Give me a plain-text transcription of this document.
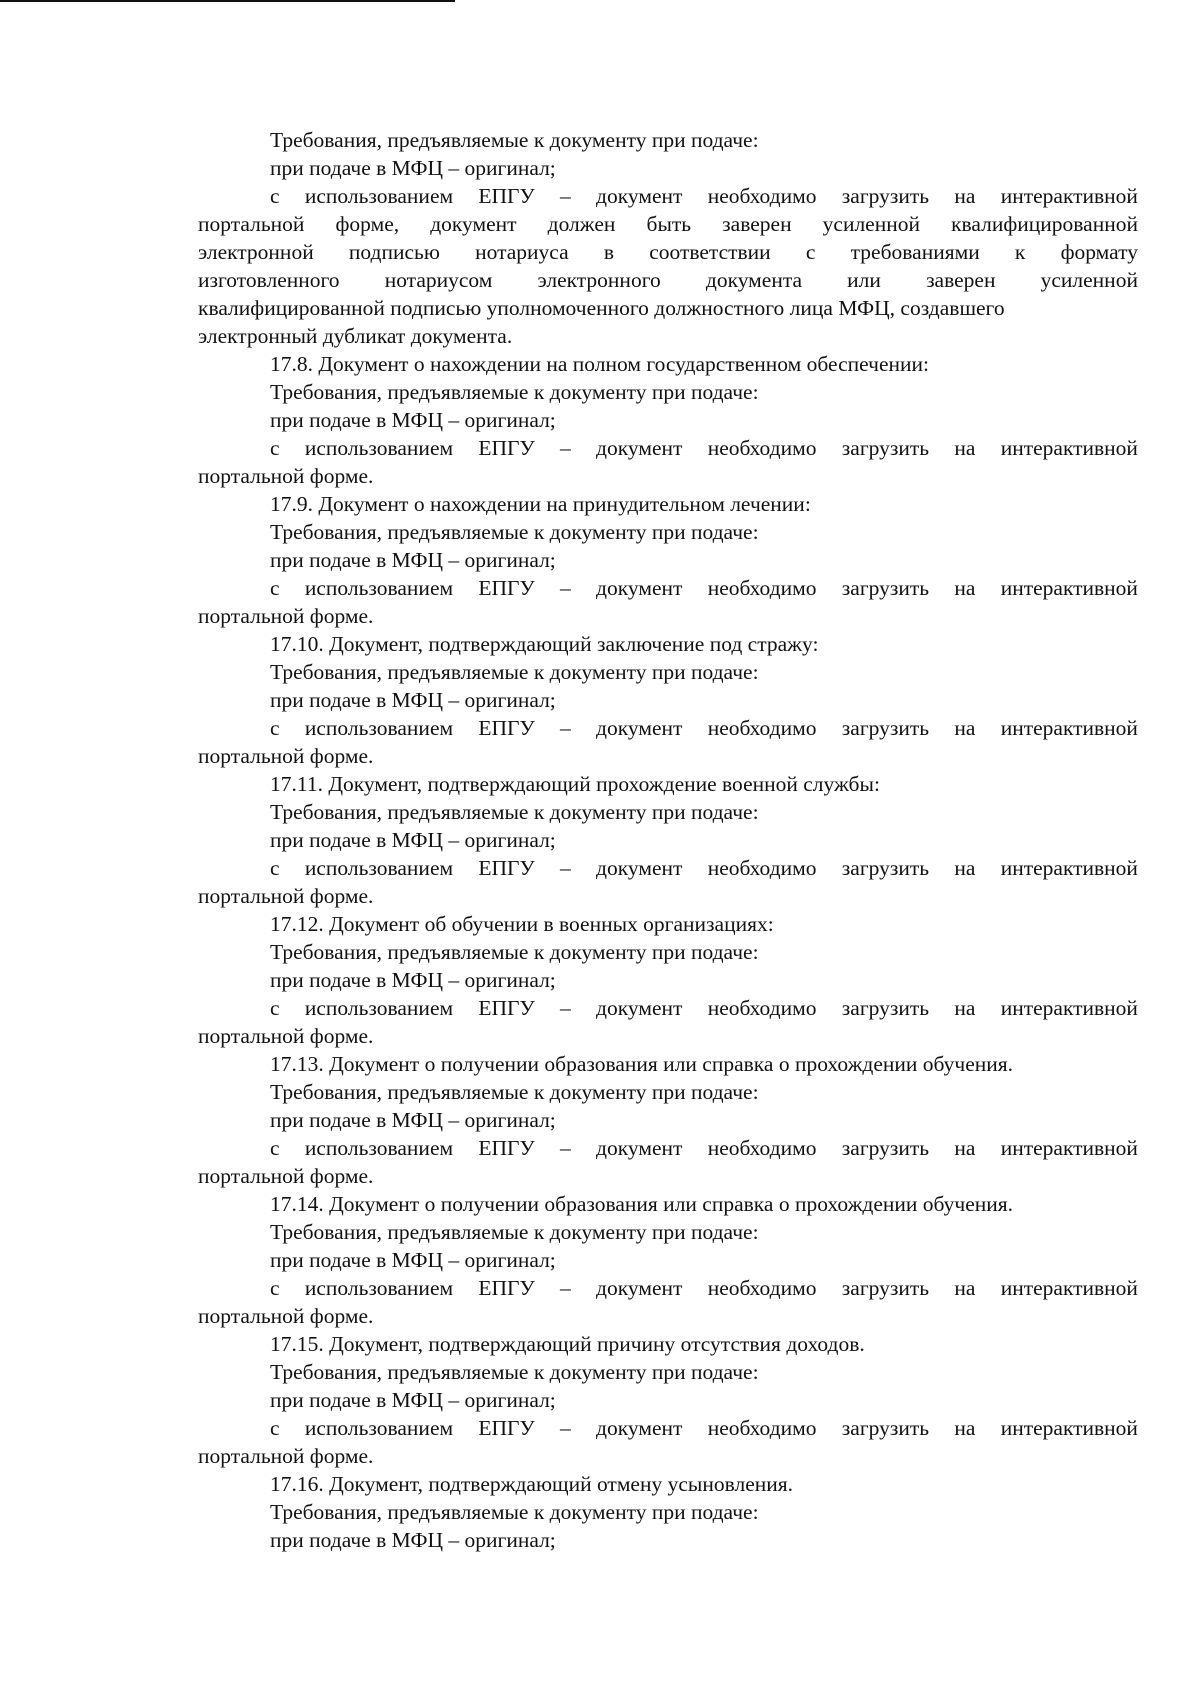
Требования, предъявляемые к документу при подаче:
при подаче в МФЦ – оригинал;
с использованием ЕПГУ – документ необходимо загрузить на интерактивной
портальной форме, документ должен быть заверен усиленной квалифицированной
электронной подписью нотариуса в соответствии с требованиями к формату
изготовленного нотариусом электронного документа или заверен усиленной
квалифицированной подписью уполномоченного должностного лица МФЦ, создавшего
электронный дубликат документа.
17.8. Документ о нахождении на полном государственном обеспечении:
Требования, предъявляемые к документу при подаче:
при подаче в МФЦ – оригинал;
с использованием ЕПГУ – документ необходимо загрузить на интерактивной
портальной форме.
17.9. Документ о нахождении на принудительном лечении:
Требования, предъявляемые к документу при подаче:
при подаче в МФЦ – оригинал;
с использованием ЕПГУ – документ необходимо загрузить на интерактивной
портальной форме.
17.10. Документ, подтверждающий заключение под стражу:
Требования, предъявляемые к документу при подаче:
при подаче в МФЦ – оригинал;
с использованием ЕПГУ – документ необходимо загрузить на интерактивной
портальной форме.
17.11. Документ, подтверждающий прохождение военной службы:
Требования, предъявляемые к документу при подаче:
при подаче в МФЦ – оригинал;
с использованием ЕПГУ – документ необходимо загрузить на интерактивной
портальной форме.
17.12. Документ об обучении в военных организациях:
Требования, предъявляемые к документу при подаче:
при подаче в МФЦ – оригинал;
с использованием ЕПГУ – документ необходимо загрузить на интерактивной
портальной форме.
17.13. Документ о получении образования или справка о прохождении обучения.
Требования, предъявляемые к документу при подаче:
при подаче в МФЦ – оригинал;
с использованием ЕПГУ – документ необходимо загрузить на интерактивной
портальной форме.
17.14. Документ о получении образования или справка о прохождении обучения.
Требования, предъявляемые к документу при подаче:
при подаче в МФЦ – оригинал;
с использованием ЕПГУ – документ необходимо загрузить на интерактивной
портальной форме.
17.15. Документ, подтверждающий причину отсутствия доходов.
Требования, предъявляемые к документу при подаче:
при подаче в МФЦ – оригинал;
с использованием ЕПГУ – документ необходимо загрузить на интерактивной
портальной форме.
17.16. Документ, подтверждающий отмену усыновления.
Требования, предъявляемые к документу при подаче:
при подаче в МФЦ – оригинал;
